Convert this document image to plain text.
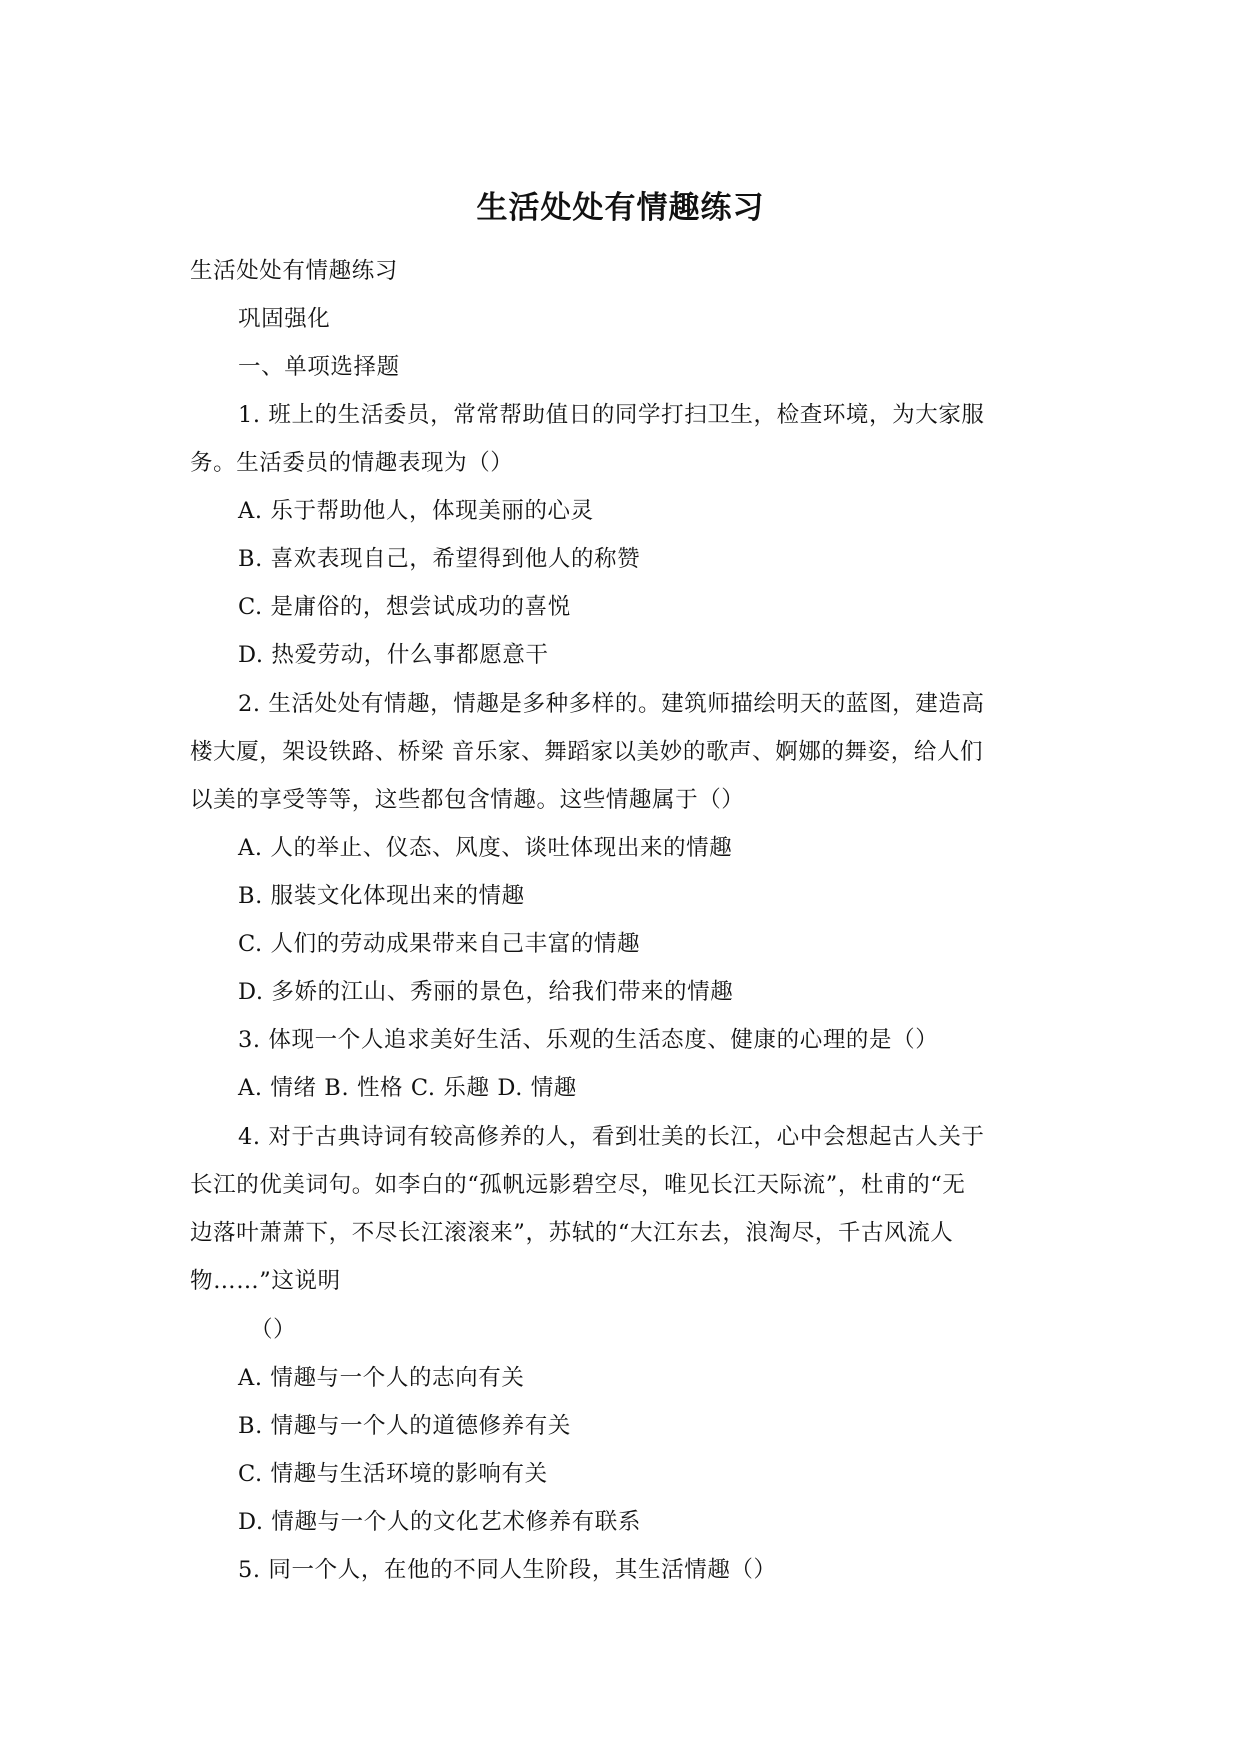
生活处处有情趣练习
生活处处有情趣练习
巩固强化
一、单项选择题
1. 班上的生活委员，常常帮助值日的同学打扫卫生，检查环境，为大家服
务。生活委员的情趣表现为（）
A. 乐于帮助他人，体现美丽的心灵
B. 喜欢表现自己，希望得到他人的称赞
C. 是庸俗的，想尝试成功的喜悦
D. 热爱劳动，什么事都愿意干
2. 生活处处有情趣，情趣是多种多样的。建筑师描绘明天的蓝图，建造高
楼大厦，架设铁路、桥梁 音乐家、舞蹈家以美妙的歌声、婀娜的舞姿，给人们
以美的享受等等，这些都包含情趣。这些情趣属于（）
A. 人的举止、仪态、风度、谈吐体现出来的情趣
B. 服装文化体现出来的情趣
C. 人们的劳动成果带来自己丰富的情趣
D. 多娇的江山、秀丽的景色，给我们带来的情趣
3. 体现一个人追求美好生活、乐观的生活态度、健康的心理的是（）
A. 情绪 B. 性格 C. 乐趣 D. 情趣
4. 对于古典诗词有较高修养的人，看到壮美的长江，心中会想起古人关于
长江的优美词句。如李白的“孤帆远影碧空尽，唯见长江天际流”，杜甫的“无
边落叶萧萧下，不尽长江滚滚来”，苏轼的“大江东去，浪淘尽，千古风流人
物……”这说明
（）
A. 情趣与一个人的志向有关
B. 情趣与一个人的道德修养有关
C. 情趣与生活环境的影响有关
D. 情趣与一个人的文化艺术修养有联系
5. 同一个人，在他的不同人生阶段，其生活情趣（）
